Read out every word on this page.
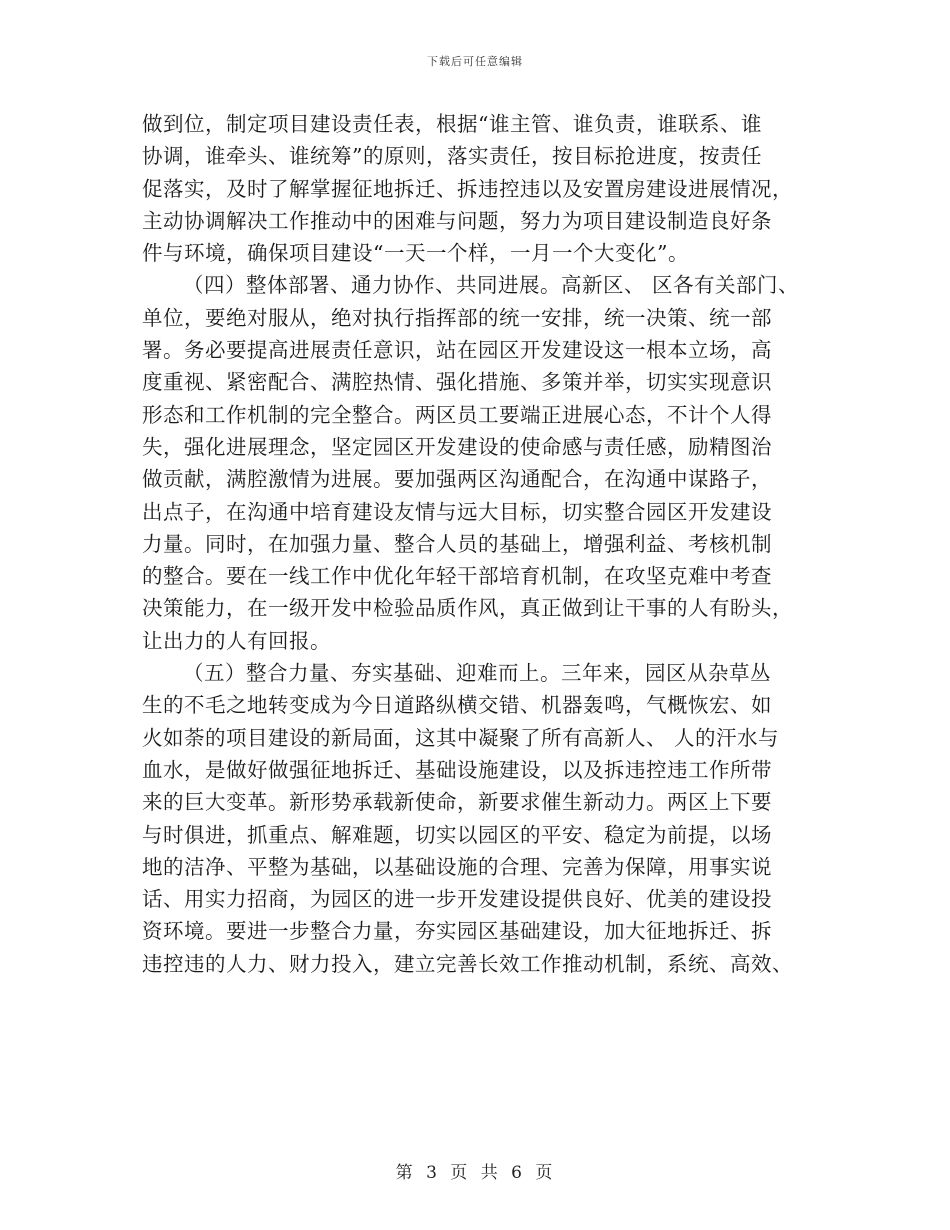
下载后可任意编辑
做到位，制定项目建设责任表，根据“谁主管、谁负责，谁联系、谁
协调，谁牵头、谁统筹”的原则，落实责任，按目标抢进度，按责任
促落实，及时了解掌握征地拆迁、拆违控违以及安置房建设进展情况，
主动协调解决工作推动中的困难与问题，努力为项目建设制造良好条
件与环境，确保项目建设“一天一个样，一月一个大变化”。
（四）整体部署、通力协作、共同进展。高新区、 区各有关部门、
单位，要绝对服从，绝对执行指挥部的统一安排，统一决策、统一部
署。务必要提高进展责任意识，站在园区开发建设这一根本立场，高
度重视、紧密配合、满腔热情、强化措施、多策并举，切实实现意识
形态和工作机制的完全整合。两区员工要端正进展心态，不计个人得
失，强化进展理念，坚定园区开发建设的使命感与责任感，励精图治
做贡献，满腔激情为进展。要加强两区沟通配合，在沟通中谋路子，
出点子，在沟通中培育建设友情与远大目标，切实整合园区开发建设
力量。同时，在加强力量、整合人员的基础上，增强利益、考核机制
的整合。要在一线工作中优化年轻干部培育机制，在攻坚克难中考查
决策能力，在一级开发中检验品质作风，真正做到让干事的人有盼头，
让出力的人有回报。
（五）整合力量、夯实基础、迎难而上。三年来，园区从杂草丛
生的不毛之地转变成为今日道路纵横交错、机器轰鸣，气概恢宏、如
火如荼的项目建设的新局面，这其中凝聚了所有高新人、 人的汗水与
血水，是做好做强征地拆迁、基础设施建设，以及拆违控违工作所带
来的巨大变革。新形势承载新使命，新要求催生新动力。两区上下要
与时俱进，抓重点、解难题，切实以园区的平安、稳定为前提，以场
地的洁净、平整为基础，以基础设施的合理、完善为保障，用事实说
话、用实力招商，为园区的进一步开发建设提供良好、优美的建设投
资环境。要进一步整合力量，夯实园区基础建设，加大征地拆迁、拆
违控违的人力、财力投入，建立完善长效工作推动机制，系统、高效、
第 3 页 共 6 页
